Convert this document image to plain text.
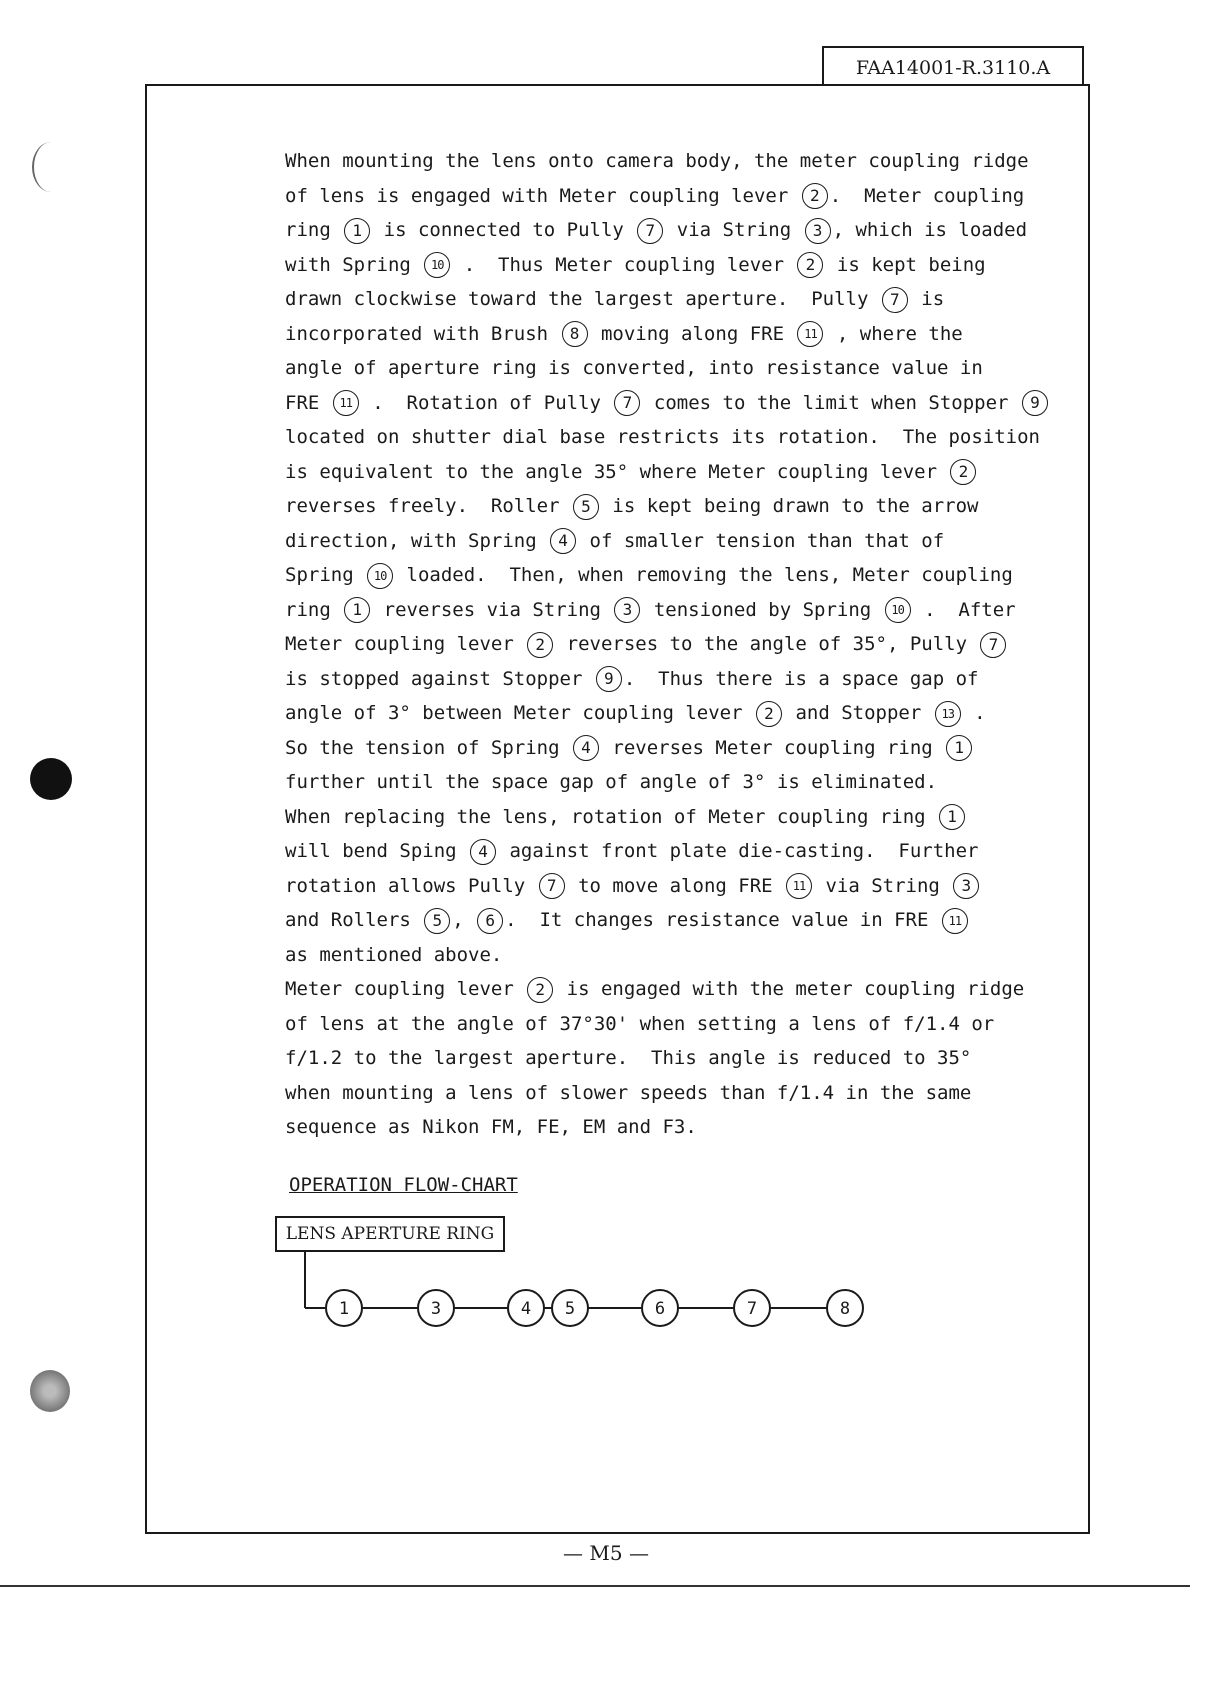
FAA14001-R.3110.A
When mounting the lens onto camera body, the meter coupling ridge
of lens is engaged with Meter coupling lever 2 .  Meter coupling
ring 1 is connected to Pully 7 via String 3 , which is loaded
with Spring 10 .  Thus Meter coupling lever 2 is kept being
drawn clockwise toward the largest aperture.  Pully 7 is
incorporated with Brush 8 moving along FRE 11 , where the
angle of aperture ring is converted, into resistance value in
FRE 11 .  Rotation of Pully 7 comes to the limit when Stopper 9
located on shutter dial base restricts its rotation.  The position
is equivalent to the angle 35° where Meter coupling lever 2
reverses freely.  Roller 5 is kept being drawn to the arrow
direction, with Spring 4 of smaller tension than that of
Spring 10 loaded.  Then, when removing the lens, Meter coupling
ring 1 reverses via String 3 tensioned by Spring 10 .  After
Meter coupling lever 2 reverses to the angle of 35°, Pully 7
is stopped against Stopper 9 .  Thus there is a space gap of
angle of 3° between Meter coupling lever 2 and Stopper 13 .
So the tension of Spring 4 reverses Meter coupling ring 1
further until the space gap of angle of 3° is eliminated.
When replacing the lens, rotation of Meter coupling ring 1
will bend Sping 4 against front plate die-casting.  Further
rotation allows Pully 7 to move along FRE 11 via String 3
and Rollers 5 , 6 .  It changes resistance value in FRE 11
as mentioned above.
Meter coupling lever 2 is engaged with the meter coupling ridge
of lens at the angle of 37°30' when setting a lens of f/1.4 or
f/1.2 to the largest aperture.  This angle is reduced to 35°
when mounting a lens of slower speeds than f/1.4 in the same
sequence as Nikon FM, FE, EM and F3.
OPERATION FLOW-CHART
LENS APERTURE RING
1	3	4 5	6	7	8
— M5 —
